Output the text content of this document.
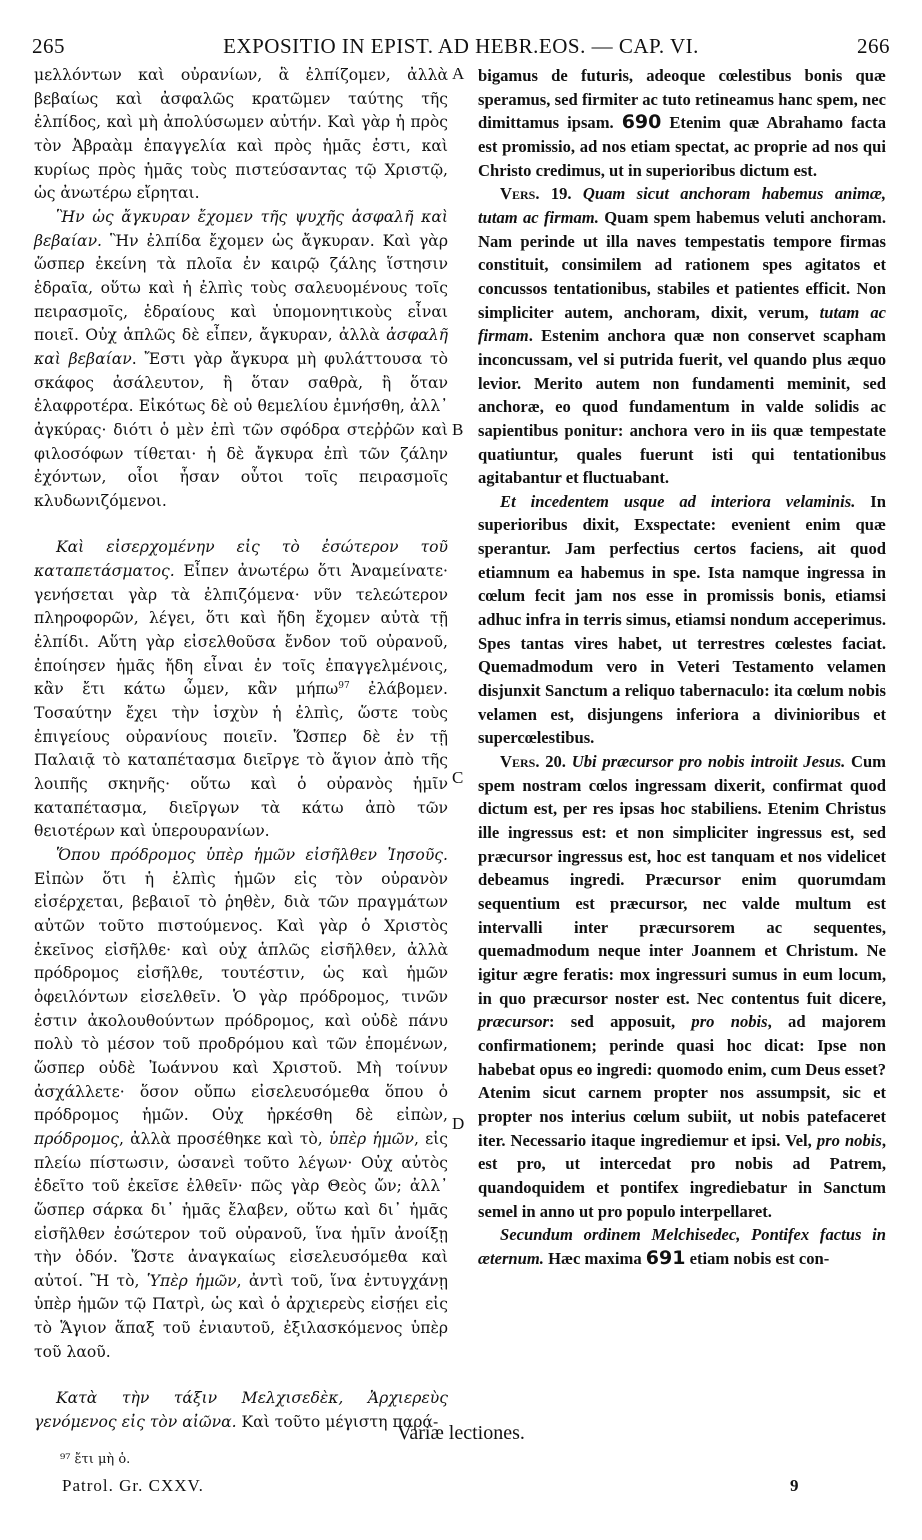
265	EXPOSITIO IN EPIST. AD HEBR.EOS. — CAP. VI.	266

μελλόντων καὶ οὐρανίων, ἃ ἐλπίζομεν, ἀλλὰ βεβαίως καὶ ἀσφαλῶς κρατῶμεν ταύτης τῆς ἐλπίδος, καὶ μὴ ἀπολύσωμεν αὐτήν. Καὶ γὰρ ἡ πρὸς τὸν Ἀβραὰμ ἐπαγγελία καὶ πρὸς ἡμᾶς ἐστι, καὶ κυρίως πρὸς ἡμᾶς τοὺς πιστεύσαντας τῷ Χριστῷ, ὡς ἀνωτέρω εἴρηται.

Ἣν ὡς ἄγκυραν ἔχομεν τῆς ψυχῆς ἀσφαλῆ καὶ βεβαίαν. Ἣν ἐλπίδα ἔχομεν ὡς ἄγκυραν. Καὶ γὰρ ὥσπερ ἐκείνη τὰ πλοῖα ἐν καιρῷ ζάλης ἵστησιν ἑδραῖα, οὕτω καὶ ἡ ἐλπὶς τοὺς σαλευομένους τοῖς πειρασμοῖς, ἑδραίους καὶ ὑπομονητικοὺς εἶναι ποιεῖ. Οὐχ ἁπλῶς δὲ εἶπεν, ἄγκυραν, ἀλλὰ ἀσφαλῆ καὶ βεβαίαν. Ἔστι γὰρ ἄγκυρα μὴ φυλάττουσα τὸ σκάφος ἀσάλευτον, ἢ ὅταν σαθρὰ, ἢ ὅταν ἐλαφροτέρα. Εἰκότως δὲ οὐ θεμελίου ἐμνήσθη, ἀλλ᾽ ἀγκύρας· διότι ὁ μὲν ἐπὶ τῶν σφόδρα στεῤῥῶν καὶ φιλοσόφων τίθεται· ἡ δὲ ἄγκυρα ἐπὶ τῶν ζάλην ἐχόντων, οἷοι ἦσαν οὗτοι τοῖς πειρασμοῖς κλυδωνιζόμενοι.

Καὶ εἰσερχομένην εἰς τὸ ἐσώτερον τοῦ καταπετάσματος. Εἶπεν ἀνωτέρω ὅτι Ἀναμείνατε· γενήσεται γὰρ τὰ ἐλπιζόμενα· νῦν τελεώτερον πληροφορῶν, λέγει, ὅτι καὶ ἤδη ἔχομεν αὐτὰ τῇ ἐλπίδι. Αὕτη γὰρ εἰσελθοῦσα ἔνδον τοῦ οὐρανοῦ, ἐποίησεν ἡμᾶς ἤδη εἶναι ἐν τοῖς ἐπαγγελμένοις, κἂν ἔτι κάτω ὦμεν, κἂν μήπω$^{97}$ ἐλάβομεν. Τοσαύτην ἔχει τὴν ἰσχὺν ἡ ἐλπὶς, ὥστε τοὺς ἐπιγείους οὐρανίους ποιεῖν. Ὥσπερ δὲ ἐν τῇ Παλαιᾷ τὸ καταπέτασμα διεῖργε τὸ ἅγιον ἀπὸ τῆς λοιπῆς σκηνῆς· οὕτω καὶ ὁ οὐρανὸς ἡμῖν καταπέτασμα, διεῖργων τὰ κάτω ἀπὸ τῶν θειοτέρων καὶ ὑπερουρανίων.

Ὅπου πρόδρομος ὑπὲρ ἡμῶν εἰσῆλθεν Ἰησοῦς. Εἰπὼν ὅτι ἡ ἐλπὶς ἡμῶν εἰς τὸν οὐρανὸν εἰσέρχεται, βεβαιοῖ τὸ ῥηθὲν, διὰ τῶν πραγμάτων αὐτῶν τοῦτο πιστούμενος. Καὶ γὰρ ὁ Χριστὸς ἐκεῖνος εἰσῆλθε· καὶ οὐχ ἁπλῶς εἰσῆλθεν, ἀλλὰ πρόδρομος εἰσῆλθε, τουτέστιν, ὡς καὶ ἡμῶν ὀφειλόντων εἰσελθεῖν. Ὁ γὰρ πρόδρομος, τινῶν ἐστιν ἀκολουθούντων πρόδρομος, καὶ οὐδὲ πάνυ πολὺ τὸ μέσον τοῦ προδρόμου καὶ τῶν ἑπομένων, ὥσπερ οὐδὲ Ἰωάννου καὶ Χριστοῦ. Μὴ τοίνυν ἀσχάλλετε· ὅσον οὔπω εἰσελευσόμεθα ὅπου ὁ πρόδρομος ἡμῶν. Οὐχ ἠρκέσθη δὲ εἰπὼν, πρόδρομος, ἀλλὰ προσέθηκε καὶ τὸ, ὑπὲρ ἡμῶν, εἰς πλείω πίστωσιν, ὡσανεὶ τοῦτο λέγων· Οὐχ αὐτὸς ἐδεῖτο τοῦ ἐκεῖσε ἐλθεῖν· πῶς γὰρ Θεὸς ὤν; ἀλλ᾽ ὥσπερ σάρκα δι᾽ ἡμᾶς ἔλαβεν, οὕτω καὶ δι᾽ ἡμᾶς εἰσῆλθεν ἐσώτερον τοῦ οὐρανοῦ, ἵνα ἡμῖν ἀνοίξῃ τὴν ὁδόν. Ὥστε ἀναγκαίως εἰσελευσόμεθα καὶ αὐτοί. Ἢ τὸ, Ὑπὲρ ἡμῶν, ἀντὶ τοῦ, ἵνα ἐντυγχάνῃ ὑπὲρ ἡμῶν τῷ Πατρὶ, ὡς καὶ ὁ ἀρχιερεὺς εἰσῄει εἰς τὸ Ἅγιον ἅπαξ τοῦ ἐνιαυτοῦ, ἐξιλασκόμενος ὑπὲρ τοῦ λαοῦ.

Κατὰ τὴν τάξιν Μελχισεδὲκ, Ἀρχιερεὺς γενόμενος εἰς τὸν αἰῶνα. Καὶ τοῦτο μέγιστη παρά-

A
B
C
D

bigamus de futuris, adeoque cœlestibus bonis quæ speramus, sed firmiter ac tuto retineamus hanc spem, nec dimittamus ipsam. 690 Etenim quæ Abrahamo facta est promissio, ad nos etiam spectat, ac proprie ad nos qui Christo credimus, ut in superioribus dictum est.

Vers. 19. Quam sicut anchoram habemus animæ, tutam ac firmam. Quam spem habemus veluti anchoram. Nam perinde ut illa naves tempestatis tempore firmas constituit, consimilem ad rationem spes agitatos et concussos tentationibus, stabiles et patientes efficit. Non simpliciter autem, anchoram, dixit, verum, tutam ac firmam. Estenim anchora quæ non conservet scapham inconcussam, vel si putrida fuerit, vel quando plus æquo levior. Merito autem non fundamenti meminit, sed anchoræ, eo quod fundamentum in valde solidis ac sapientibus ponitur: anchora vero in iis quæ tempestate quatiuntur, quales fuerunt isti qui tentationibus agitabantur et fluctuabant.

Et incedentem usque ad interiora velaminis. In superioribus dixit, Exspectate: evenient enim quæ sperantur. Jam perfectius certos faciens, ait quod etiamnum ea habemus in spe. Ista namque ingressa in cœlum fecit jam nos esse in promissis bonis, etiamsi adhuc infra in terris simus, etiamsi nondum acceperimus. Spes tantas vires habet, ut terrestres cœlestes faciat. Quemadmodum vero in Veteri Testamento velamen disjunxit Sanctum a reliquo tabernaculo: ita cœlum nobis velamen est, disjungens inferiora a divinioribus et supercœlestibus.

Vers. 20. Ubi præcursor pro nobis introiit Jesus. Cum spem nostram cœlos ingressam dixerit, confirmat quod dictum est, per res ipsas hoc stabiliens. Etenim Christus ille ingressus est: et non simpliciter ingressus est, sed præcursor ingressus est, hoc est tanquam et nos videlicet debeamus ingredi. Præcursor enim quorumdam sequentium est præcursor, nec valde multum est intervalli inter præcursorem ac sequentes, quemadmodum neque inter Joannem et Christum. Ne igitur ægre feratis: mox ingressuri sumus in eum locum, in quo præcursor noster est. Nec contentus fuit dicere, præcursor: sed apposuit, pro nobis, ad majorem confirmationem; perinde quasi hoc dicat: Ipse non habebat opus eo ingredi: quomodo enim, cum Deus esset? Atenim sicut carnem propter nos assumpsit, sic et propter nos interius cœlum subiit, ut nobis patefaceret iter. Necessario itaque ingrediemur et ipsi. Vel, pro nobis, est pro, ut intercedat pro nobis ad Patrem, quandoquidem et pontifex ingrediebatur in Sanctum semel in anno ut pro populo interpellaret.

Secundum ordinem Melchisedec, Pontifex factus in æternum. Hæc maxima 691 etiam nobis est con-

Variæ lectiones.
⁹⁷ ἔτι μὴ ὁ.
Patrol. Gr. CXXV.	9
